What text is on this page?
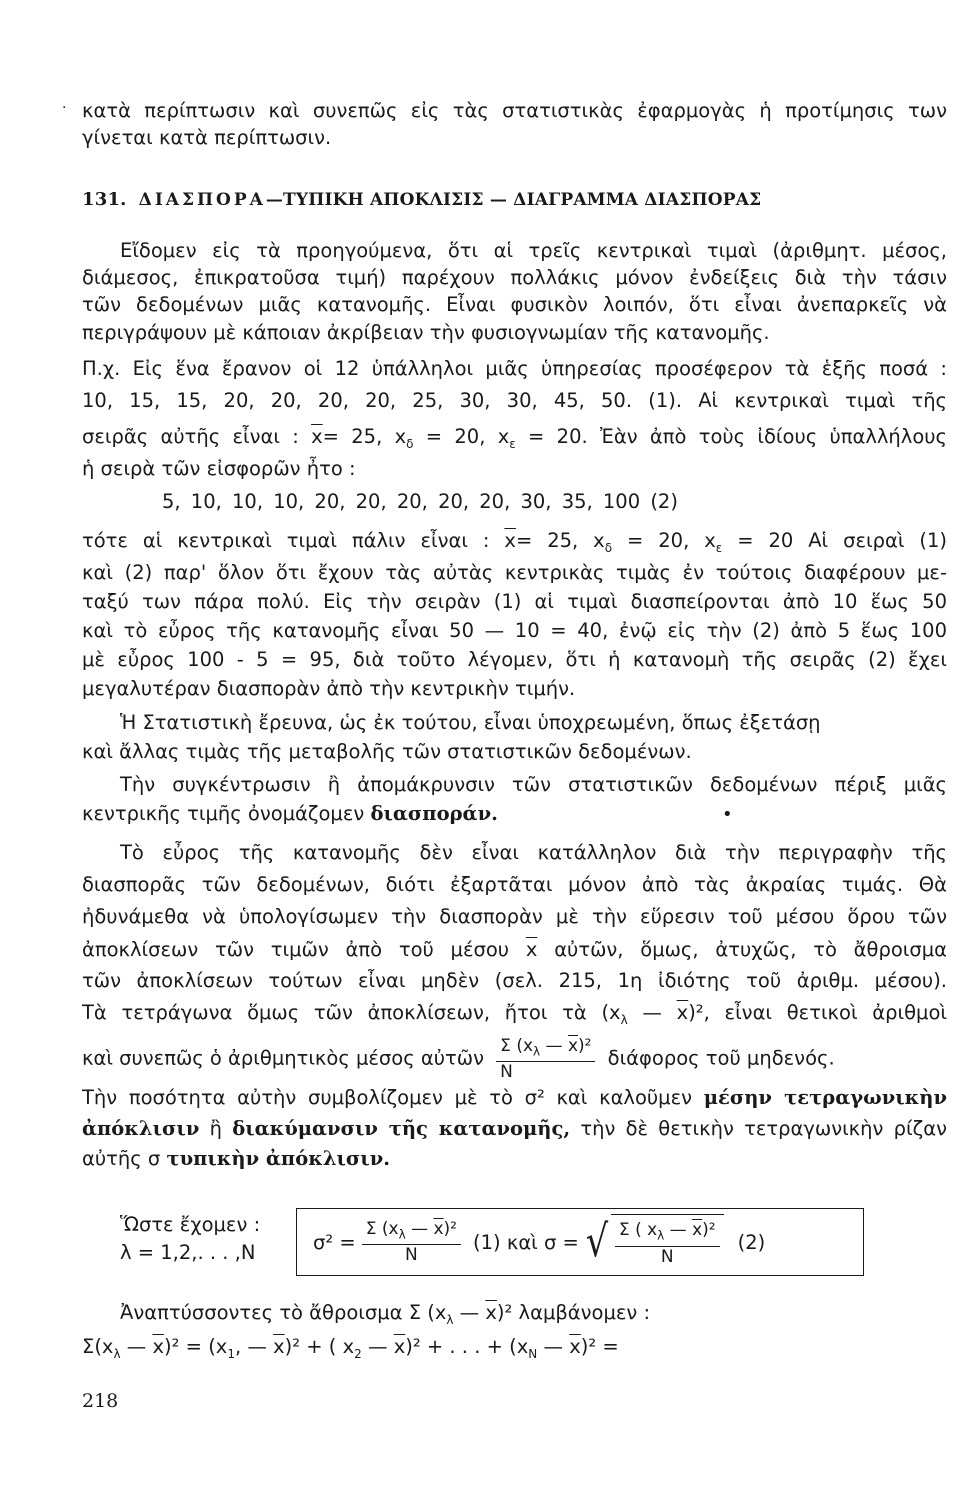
· κατὰ περίπτωσιν καὶ συνεπῶς εἰς τὰς στατιστικὰς ἐφαρμογὰς ἡ προτίμησις των
γίνεται κατὰ περίπτωσιν.
131. ΔΙΑΣΠΟΡΑ—ΤΥΠΙΚΗ ΑΠΟΚΛΙΣΙΣ — ΔΙΑΓΡΑΜΜΑ ΔΙΑΣΠΟΡΑΣ
Εἴδομεν εἰς τὰ προηγούμενα, ὅτι αἱ τρεῖς κεντρικαὶ τιμαὶ (ἀριθμητ. μέσος,
διάμεσος, ἐπικρατοῦσα τιμή) παρέχουν πολλάκις μόνον ἐνδείξεις διὰ τὴν τάσιν
τῶν δεδομένων μιᾶς κατανομῆς. Εἶναι φυσικὸν λοιπόν, ὅτι εἶναι ἀνεπαρκεῖς νὰ
περιγράψουν μὲ κάποιαν ἀκρίβειαν τὴν φυσιογνωμίαν τῆς κατανομῆς.
Π.χ. Εἰς ἕνα ἔρανον οἱ 12 ὑπάλληλοι μιᾶς ὑπηρεσίας προσέφερον τὰ ἑξῆς ποσά :
10, 15, 15, 20, 20, 20, 20, 25, 30, 30, 45, 50. (1). Αἱ κεντρικαὶ τιμαὶ τῆς
σειρᾶς αὐτῆς εἶναι : $\overline{x}= 25$, $x_\delta = 20$, $x_\varepsilon = 20$. Ἐὰν ἀπὸ τοὺς ἰδίους ὑπαλλήλους
ἡ σειρὰ τῶν εἰσφορῶν ἦτο :
5, 10, 10, 10, 20, 20, 20, 20, 20, 30, 35, 100 (2)
τότε αἱ κεντρικαὶ τιμαὶ πάλιν εἶναι : $\overline{x}= 25$, $x_\delta = 20$, $x_\varepsilon = 20$ Αἱ σειραὶ (1)
καὶ (2) παρ' ὅλον ὅτι ἔχουν τὰς αὐτὰς κεντρικὰς τιμὰς ἐν τούτοις διαφέρουν με-
ταξύ των πάρα πολύ. Εἰς τὴν σειρὰν (1) αἱ τιμαὶ διασπείρονται ἀπὸ 10 ἕως 50
καὶ τὸ εὖρος τῆς κατανομῆς εἶναι 50 — 10 = 40, ἐνῷ εἰς τὴν (2) ἀπὸ 5 ἕως 100
μὲ εὖρος 100 - 5 = 95, διὰ τοῦτο λέγομεν, ὅτι ἡ κατανομὴ τῆς σειρᾶς (2) ἔχει
μεγαλυτέραν διασπορὰν ἀπὸ τὴν κεντρικὴν τιμήν.
Ἡ Στατιστικὴ ἔρευνα, ὡς ἐκ τούτου, εἶναι ὑποχρεωμένη, ὅπως ἐξετάσῃ
καὶ ἄλλας τιμὰς τῆς μεταβολῆς τῶν στατιστικῶν δεδομένων.
Τὴν συγκέντρωσιν ἢ ἀπομάκρυνσιν τῶν στατιστικῶν δεδομένων πέριξ μιᾶς
κεντρικῆς τιμῆς ὀνομάζομεν διασποράν.	•
Τὸ εὖρος τῆς κατανομῆς δὲν εἶναι κατάλληλον διὰ τὴν περιγραφὴν τῆς
διασπορᾶς τῶν δεδομένων, διότι ἐξαρτᾶται μόνον ἀπὸ τὰς ἀκραίας τιμάς. Θὰ
ἠδυνάμεθα νὰ ὑπολογίσωμεν τὴν διασπορὰν μὲ τὴν εὕρεσιν τοῦ μέσου ὅρου τῶν
ἀποκλίσεων τῶν τιμῶν ἀπὸ τοῦ μέσου $\overline{x}$ αὐτῶν, ὅμως, ἀτυχῶς, τὸ ἄθροισμα
τῶν ἀποκλίσεων τούτων εἶναι μηδὲν (σελ. 215, 1η ἰδιότης τοῦ ἀριθμ. μέσου).
Τὰ τετράγωνα ὅμως τῶν ἀποκλίσεων, ἤτοι τὰ ($x_\lambda$ — $\overline{x})^2$, εἶναι θετικοὶ ἀριθμοὶ
καὶ συνεπῶς ὁ ἀριθμητικὸς μέσος αὐτῶν $\frac{\Sigma (x_\lambda — \overline{x})^2}{N}$ διάφορος τοῦ μηδενός.
Τὴν ποσότητα αὐτὴν συμβολίζομεν μὲ τὸ σ² καὶ καλοῦμεν μέσην τετραγωνικὴν
ἀπόκλισιν ἢ διακύμανσιν τῆς κατανομῆς, τὴν δὲ θετικὴν τετραγωνικὴν ρίζαν
αὐτῆς σ τυπικὴν ἀπόκλισιν.
Ὥστε ἔχομεν :
λ = 1,2,. . . ,N	$\sigma^2 = \frac{\Sigma (x_\lambda — \overline{x})^2}{N} (1)$ καὶ σ = √ $\frac{\Sigma ( x_\lambda — \overline{x})^2}{N} (2)$
Ἀναπτύσσοντες τὸ ἄθροισμα Σ ($x_\lambda$ — $\overline{x})^2$ λαμβάνομεν :
$\Sigma(x_\lambda$ — $\overline{x})^2 = (x_1$, — $\overline{x})^2$ + ( $x_2$ — $\overline{x})^2$ + . . . + ($x_N$ — $\overline{x})^2$ =
218
